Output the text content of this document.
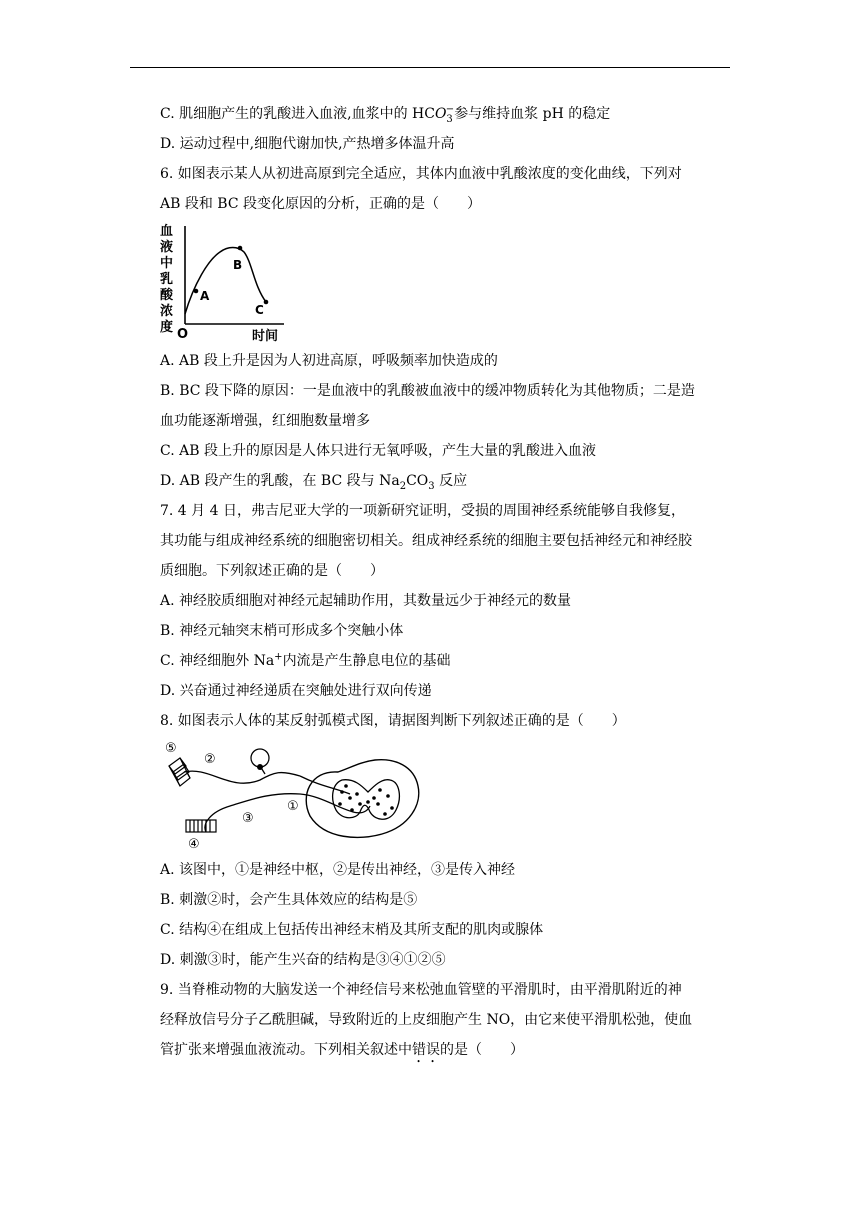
C. 肌细胞产生的乳酸进入血液,血浆中的 $HCO_3^-$参与维持血浆 pH 的稳定
D. 运动过程中,细胞代谢加快,产热增多体温升高
6. 如图表示某人从初进高原到完全适应，其体内血液中乳酸浓度的变化曲线，下列对
AB 段和 BC 段变化原因的分析，正确的是（　　）
血
液
中
乳
酸
浓
度
A
B
C
O	时间
A. AB 段上升是因为人初进高原，呼吸频率加快造成的
B. BC 段下降的原因：一是血液中的乳酸被血液中的缓冲物质转化为其他物质；二是造
血功能逐渐增强，红细胞数量增多
C. AB 段上升的原因是人体只进行无氧呼吸，产生大量的乳酸进入血液
D. AB 段产生的乳酸，在 BC 段与 $Na_2CO_3$ 反应
7. 4 月 4 日，弗吉尼亚大学的一项新研究证明，受损的周围神经系统能够自我修复，
其功能与组成神经系统的细胞密切相关。组成神经系统的细胞主要包括神经元和神经胶
质细胞。下列叙述正确的是（　　）
A. 神经胶质细胞对神经元起辅助作用，其数量远少于神经元的数量
B. 神经元轴突末梢可形成多个突触小体
C. 神经细胞外 Na+内流是产生静息电位的基础
D. 兴奋通过神经递质在突触处进行双向传递
8. 如图表示人体的某反射弧模式图，请据图判断下列叙述正确的是（　　）
⑤
②
①
③
④
A. 该图中，①是神经中枢，②是传出神经，③是传入神经
B. 刺激②时，会产生具体效应的结构是⑤
C. 结构④在组成上包括传出神经末梢及其所支配的肌肉或腺体
D. 刺激③时，能产生兴奋的结构是③④①②⑤
9. 当脊椎动物的大脑发送一个神经信号来松弛血管壁的平滑肌时，由平滑肌附近的神
经释放信号分子乙酰胆碱，导致附近的上皮细胞产生 NO，由它来使平滑肌松弛，使血
管扩张来增强血液流动。下列相关叙述中错误的是（　　）
